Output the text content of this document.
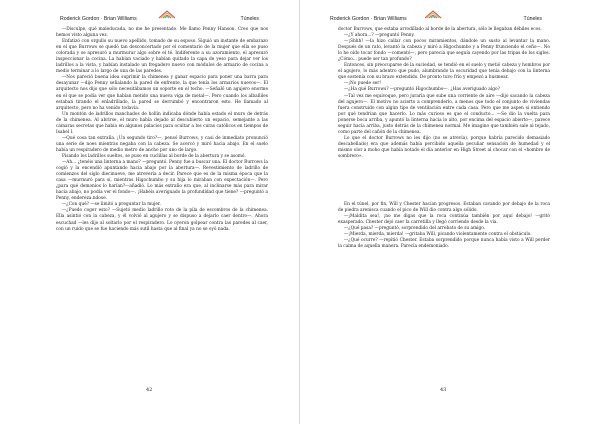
Roderick Gordon · Brian Williams	Túneles

—Disculpe, qué maleducada, no me he presentado. Me llamo Penny Hanson. Creo que nos hemos visto alguna vez.

Enfatizó con orgullo su nuevo apellido, tomado de su esposo. Siguió un instante de embarazo en el que Burrows se quedó tan desconcertado por el comentario de la mujer que ella se puso colorada y se apresuró a murmurar algo sobre el té. Indiferente a su azoramiento, el apresuró inspeccionar la cocina. La habían vaciado y habían quitado la capa de yeso para dejar ver los ladrillos a la vista, y habían instalado un fregadero nuevo con módulos de armario de cocina a medio terminar a lo largo de una de las paredes.

—Nos pareció buena idea suprimir la chimenea y ganar espacio para poner una barra para desayunar —dijo Penny señalando la pared de enfrente, la que tenía los armarios nuevos—. El arquitecto nos dijo que sólo necesitábamos un soporte en el techo. —Señaló un agujero enorme en el que se podía ver que habían metido una nueva viga de metal—. Pero cuando los albañiles estaban tirando el enladrillado, la pared se derrumbó y encontraron esto. He llamado al arquitecto, pero no ha venido todavía.

Un montón de ladrillos manchados de hollín indicaba dónde había estado el muro de detrás de la chimenea. Al abrirse, el muro había dejado al descubierto un espacio, semejante a las cámaras secretas que había en algunos palacios para ocultar a los curas católicos en tiempos de Isabel I.

—Qué cosa tan extraña. ¡Un segundo tiro?—, pensó Burrows, y casi de inmediato pronunció una serie de noes mientras negaba con la cabeza. Se acercó y miró hacia abajo. En el suelo había un respiradero de medio metro de ancho por uno de largo.

Pisando los ladrillos sueltos, se puso en cuclillas al borde de la abertura y se asomó.

—Ah... ¿tenéis una linterna a mano? —preguntó. Penny fue a buscar una. El doctor Burrows la cogió y la encendió apuntando hacia abajo por la abertura—. Revestimiento de ladrillo de comienzos del siglo diecinueve, me atrevería a decir. Parece que es de la misma época que la casa —murmuró para sí, mientras Higochumbo y su hija lo miraban con expectación—. Pero ¿para qué demonios lo harían?—añadió. Lo más extraño era que, al inclinarse más para mirar hacia abajo, no podía ver el fondo—. ¡Habéis averiguado la profundidad que tiene? —preguntó a Penny, endereza.ndose.

—¿Con qué? —se limitó a preguntar la mujer.

—¿Puedo coger esto? —Sujetó medio ladrillo roto de la pila de escombros de la chimenea. Ella asintió con la cabeza, y él volvió al agujero y se dispuso a dejarlo caer dentro—. Ahora escuchad —les dijo al soltarlo por el respiradero. Lo oyeron golpear contra las paredes al caer, con un ruido que se fue haciendo más sutil hasta que al final ya no se oyó nada.

42
Roderick Gordon · Brian Williams	Túneles

doctor Burrows, que estaba arrodillado al borde de la abertura, sólo le llegaban débiles ecos.

—¿Y ahora...? —preguntó Penny.

—¡Shhh! —la hizo callar con pocos miramientos, dándole un susto al levantar la mano. Después de un rato, levantó la cabeza y miró a Higochumbo y a Penny frunciendo el ceño—. No lo he oído tocar fondo —comentó—, pero parecía que seguía cayendo por las tripas de los siglos. ¿Cómo... puede ser tan profundo?

Entonces, sin preocuparse de la suciedad, se tendió en el suelo y metió cabeza y hombros por el agujero, lo más adentro que pudo, alumbrando la oscuridad que tenía debajo con la linterna que sostenía con su brazo extendido. De pronto tuvo frío y empezó a husmear.

—¡No puede ser!

—¿Ha qué Burrows? —preguntó Higochumbo—. ¿Has averiguado algo?

—Tal vez me equivoque, pero juraría que sube una corriente de aire —dijo sacando la cabeza del agujero—. El motivo no acierto a comprenderlo, a menos que todo el conjunto de viviendas fuera construido con algún tipo de ventilación entre cada casa. Pero que me aspen si entiendo por qué tendrían que hacerlo. Lo más curioso es que el conducto... —Se dio la vuelta para ponerse boca arriba, y apuntó la linterna hacia lo alto, por encima del espacio abierto—, parece seguir hacia arriba, justo detrás de la chimenea normal. Me imagino que también sale al tejado, como parte del cañón de la chimenea.

Lo que el doctor Burrows no les dijo (no se atrevía), porque habría parecido demasiado descabellado) era que además había percibido aquella peculiar sensación de humedad y el mismo olor a moho que había notado el día anterior en High Street al chocar con el «hombre de sombrero».

En el túnel, por fin, Will y Chester hacían progresos. Estaban cavando por debajo de la roca de piedra arenisca cuando el pico de Will dio contra algo sólido.

—¡Maldita sea!, ¡no me digas que la roca continúa también por aquí debajo! —gritó exasperado. Chester dejó caer la carretilla y llegó corriendo desde la vía.

—¿Qué pasa? —preguntó, sorprendido del arrebato de su amigo.

—¡Mierda, mierda, mierda! —gritaba Will, picando violentamente contra el obstáculo.

—¿Qué ocurre? —repitió Chester. Estaba sorprendido porque nunca había visto a Will perder la calma de aquella manera. Parecía endemoniado.

43
